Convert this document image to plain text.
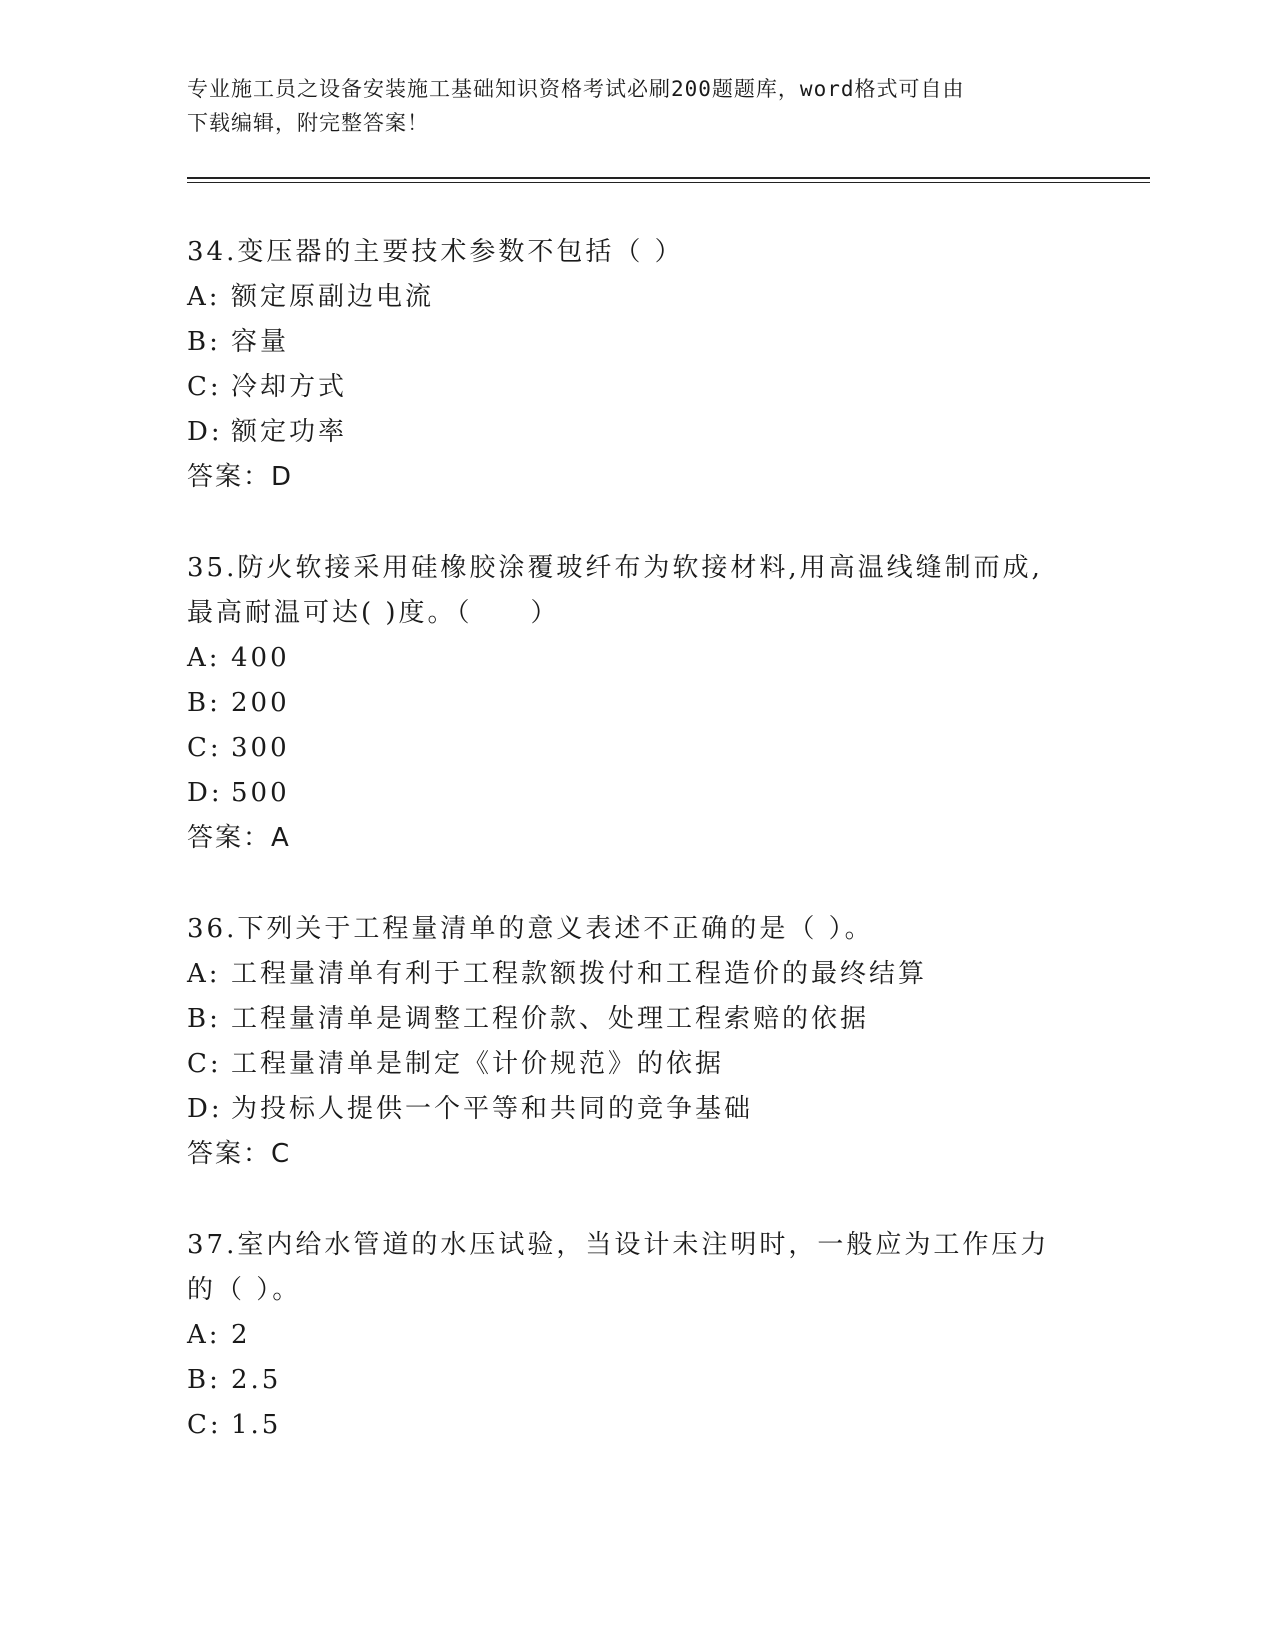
专业施工员之设备安装施工基础知识资格考试必刷200题题库，word格式可自由
下载编辑，附完整答案！

34.变压器的主要技术参数不包括（ ）

A: 额定原副边电流

B: 容量

C: 冷却方式

D: 额定功率

答案：D

35.防火软接采用硅橡胶涂覆玻纤布为软接材料,用高温线缝制而成,最高耐温可达( )度。（　　）

A: 400

B: 200

C: 300

D: 500

答案：A

36.下列关于工程量清单的意义表述不正确的是（ ）。

A: 工程量清单有利于工程款额拨付和工程造价的最终结算

B: 工程量清单是调整工程价款、处理工程索赔的依据

C: 工程量清单是制定《计价规范》的依据

D: 为投标人提供一个平等和共同的竞争基础

答案：C

37.室内给水管道的水压试验，当设计未注明时，一般应为工作压力的（ ）。

A: 2

B: 2.5

C: 1.5
